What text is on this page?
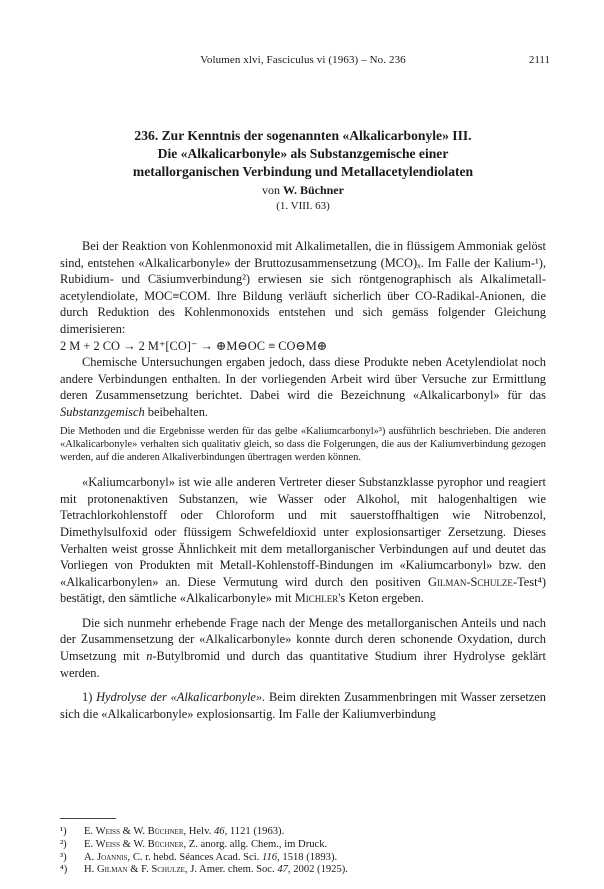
Volumen xlvi, Fasciculus vi (1963) – No. 236	2111

236. Zur Kenntnis der sogenannten «Alkalicarbonyle» III.

Die «Alkalicarbonyle» als Substanzgemische einer

metallorganischen Verbindung und Metallacetylendiolaten

von W. Büchner
(1. VIII. 63)

Bei der Reaktion von Kohlenmonoxid mit Alkalimetallen, die in flüssigem Ammoniak gelöst sind, entstehen «Alkalicarbonyle» der Bruttozusammensetzung (MCO)ₓ. Im Falle der Kalium-¹), Rubidium- und Cäsiumverbindung²) erwiesen sie sich röntgenographisch als Alkalimetall-acetylendiolate, MOC≡COM. Ihre Bildung verläuft sicherlich über CO-Radikal-Anionen, die durch Reduktion des Kohlenmonoxids entstehen und sich gemäss folgender Gleichung dimerisieren:

2 M + 2 CO → 2 M⁺[CO]⁻ → ⊕M⊖OC ≡ CO⊖M⊕

Chemische Untersuchungen ergaben jedoch, dass diese Produkte neben Acetylendiolat noch andere Verbindungen enthalten. In der vorliegenden Arbeit wird über Versuche zur Ermittlung deren Zusammensetzung berichtet. Dabei wird die Bezeichnung «Alkalicarbonyl» für das Substanzgemisch beibehalten.

Die Methoden und die Ergebnisse werden für das gelbe «Kaliumcarbonyl»³) ausführlich beschrieben. Die anderen «Alkalicarbonyle» verhalten sich qualitativ gleich, so dass die Folgerungen, die aus der Kaliumverbindung gezogen werden, auf die anderen Alkaliverbindungen übertragen werden können.

«Kaliumcarbonyl» ist wie alle anderen Vertreter dieser Substanzklasse pyrophor und reagiert mit protonenaktiven Substanzen, wie Wasser oder Alkohol, mit halogenhaltigen wie Tetrachlorkohlenstoff oder Chloroform und mit sauerstoffhaltigen wie Nitrobenzol, Dimethylsulfoxid oder flüssigem Schwefeldioxid unter explosionsartiger Zersetzung. Dieses Verhalten weist grosse Ähnlichkeit mit dem metallorganischer Verbindungen auf und deutet das Vorliegen von Produkten mit Metall-Kohlenstoff-Bindungen im «Kaliumcarbonyl» bzw. den «Alkalicarbonylen» an. Diese Vermutung wird durch den positiven Gilman-Schulze-Test⁴) bestätigt, den sämtliche «Alkalicarbonyle» mit Michler's Keton ergeben.

Die sich nunmehr erhebende Frage nach der Menge des metallorganischen Anteils und nach der Zusammensetzung der «Alkalicarbonyle» konnte durch deren schonende Oxydation, durch Umsetzung mit n-Butylbromid und durch das quantitative Studium ihrer Hydrolyse geklärt werden.

1) Hydrolyse der «Alkalicarbonyle». Beim direkten Zusammenbringen mit Wasser zersetzen sich die «Alkalicarbonyle» explosionsartig. Im Falle der Kaliumverbindung

¹)	E. Weiss & W. Büchner, Helv. 46, 1121 (1963).
²)	E. Weiss & W. Büchner, Z. anorg. allg. Chem., im Druck.
³)	A. Joannis, C. r. hebd. Séances Acad. Sci. 116, 1518 (1893).
⁴)	H. Gilman & F. Schulze, J. Amer. chem. Soc. 47, 2002 (1925).
